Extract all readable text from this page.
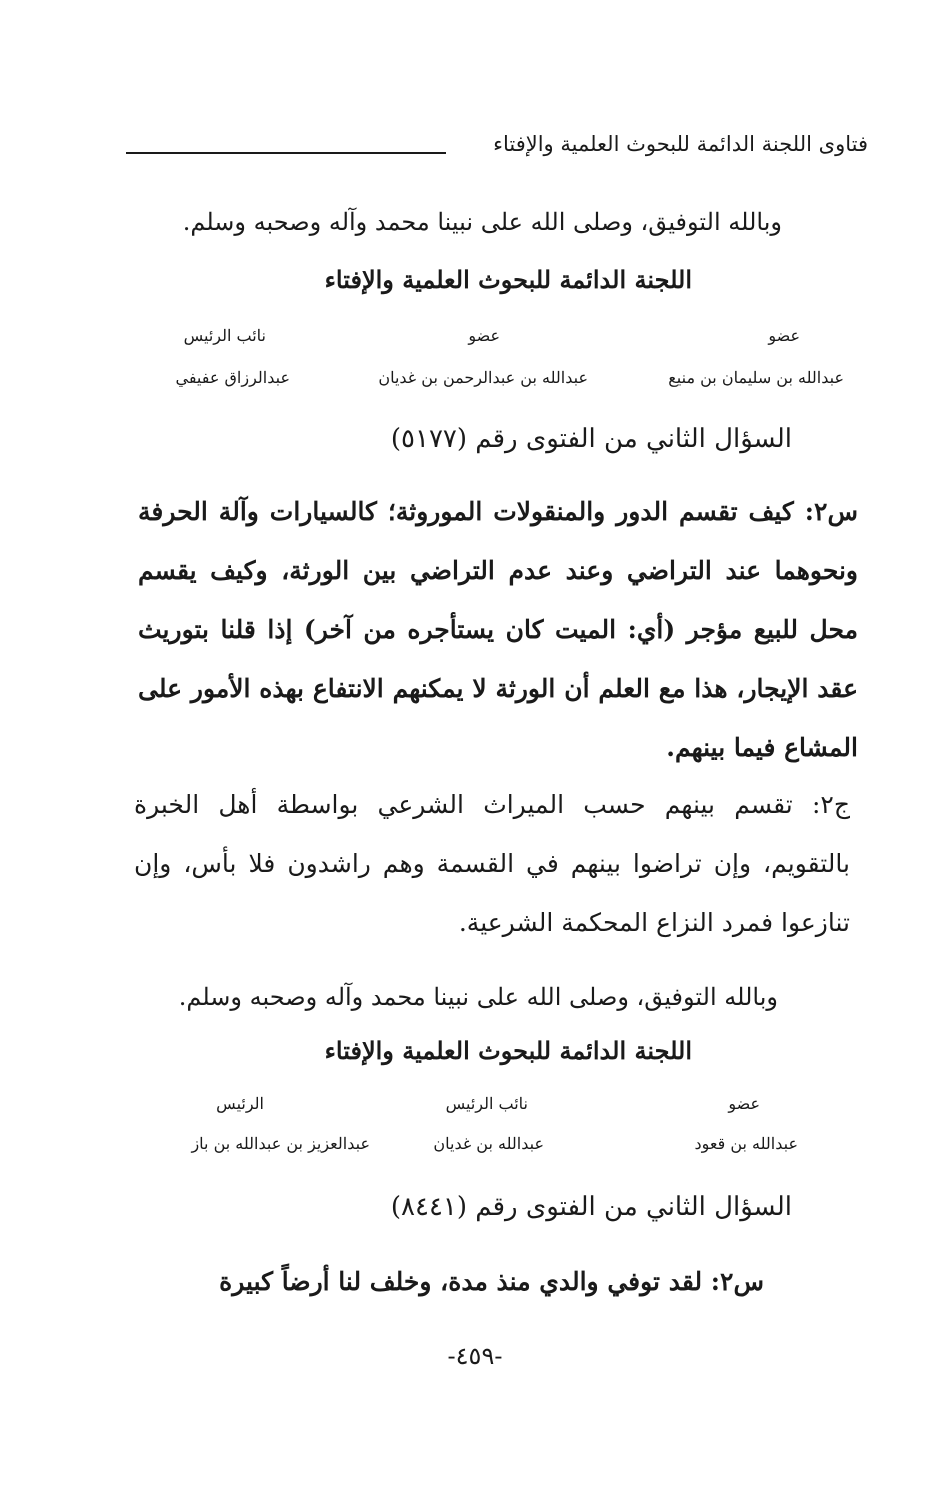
فتاوى اللجنة الدائمة للبحوث العلمية والإفتاء
وبالله التوفيق، وصلى الله على نبينا محمد وآله وصحبه وسلم.
اللجنة الدائمة للبحوث العلمية والإفتاء
عضو
عبدالله بن سليمان بن منيع
عضو
عبدالله بن عبدالرحمن بن غديان
نائب الرئيس
عبدالرزاق عفيفي
السؤال الثاني من الفتوى رقم (٥١٧٧)

س٢: كيف تقسم الدور والمنقولات الموروثة؛ كالسيارات وآلة الحرفة ونحوهما عند التراضي وعند عدم التراضي بين الورثة، وكيف يقسم محل للبيع مؤجر (أي: الميت كان يستأجره من آخر) إذا قلنا بتوريث عقد الإيجار، هذا مع العلم أن الورثة لا يمكنهم الانتفاع بهذه الأمور على المشاع فيما بينهم.

ج٢: تقسم بينهم حسب الميراث الشرعي بواسطة أهل الخبرة بالتقويم، وإن تراضوا بينهم في القسمة وهم راشدون فلا بأس، وإن تنازعوا فمرد النزاع المحكمة الشرعية.

وبالله التوفيق، وصلى الله على نبينا محمد وآله وصحبه وسلم.
اللجنة الدائمة للبحوث العلمية والإفتاء
عضو
عبدالله بن قعود
نائب الرئيس
عبدالله بن غديان
الرئيس
عبدالعزيز بن عبدالله بن باز
السؤال الثاني من الفتوى رقم (٨٤٤١)
س٢: لقد توفي والدي منذ مدة، وخلف لنا أرضاً كبيرة
-٤٥٩-
